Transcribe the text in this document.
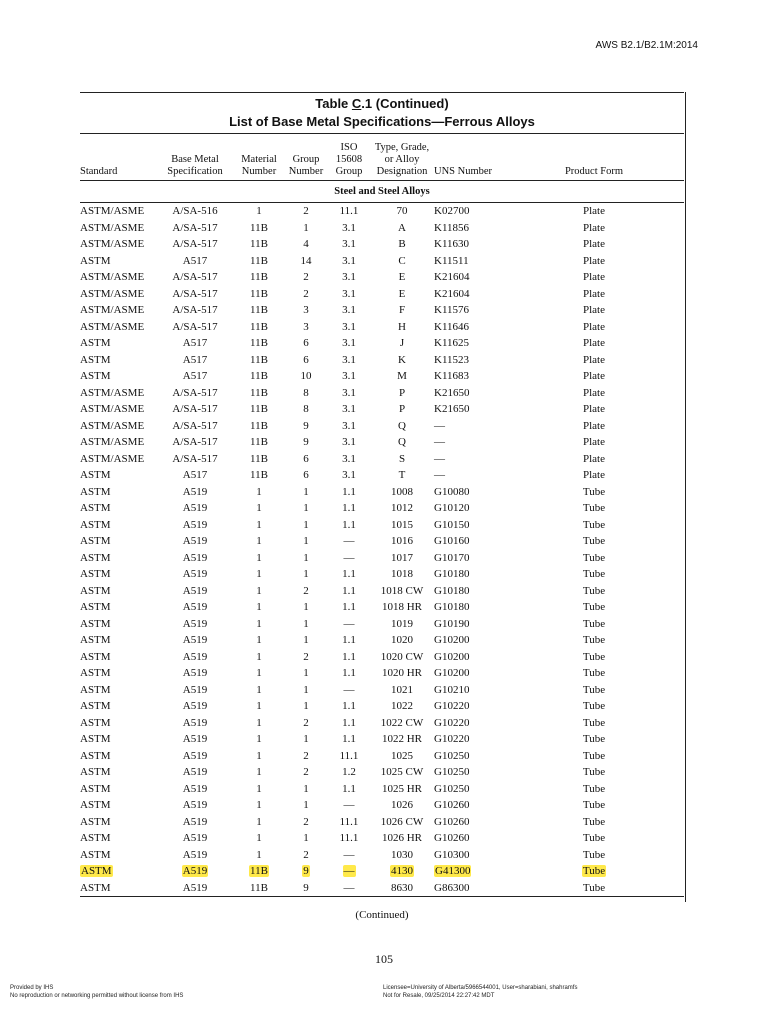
AWS B2.1/B2.1M:2014
Table C.1 (Continued)
List of Base Metal Specifications—Ferrous Alloys
Standard	Base Metal Specification	Material Number	Group Number	ISO 15608 Group	Type, Grade, or Alloy Designation	UNS Number	Product Form
Steel and Steel Alloys							
ASTM/ASME	A/SA-516	1	2	11.1	70	K02700	Plate
ASTM/ASME	A/SA-517	11B	1	3.1	A	K11856	Plate
ASTM/ASME	A/SA-517	11B	4	3.1	B	K11630	Plate
ASTM	A517	11B	14	3.1	C	K11511	Plate
ASTM/ASME	A/SA-517	11B	2	3.1	E	K21604	Plate
ASTM/ASME	A/SA-517	11B	2	3.1	E	K21604	Plate
ASTM/ASME	A/SA-517	11B	3	3.1	F	K11576	Plate
ASTM/ASME	A/SA-517	11B	3	3.1	H	K11646	Plate
ASTM	A517	11B	6	3.1	J	K11625	Plate
ASTM	A517	11B	6	3.1	K	K11523	Plate
ASTM	A517	11B	10	3.1	M	K11683	Plate
ASTM/ASME	A/SA-517	11B	8	3.1	P	K21650	Plate
ASTM/ASME	A/SA-517	11B	8	3.1	P	K21650	Plate
ASTM/ASME	A/SA-517	11B	9	3.1	Q	—	Plate
ASTM/ASME	A/SA-517	11B	9	3.1	Q	—	Plate
ASTM/ASME	A/SA-517	11B	6	3.1	S	—	Plate
ASTM	A517	11B	6	3.1	T	—	Plate
ASTM	A519	1	1	1.1	1008	G10080	Tube
ASTM	A519	1	1	1.1	1012	G10120	Tube
ASTM	A519	1	1	1.1	1015	G10150	Tube
ASTM	A519	1	1	—	1016	G10160	Tube
ASTM	A519	1	1	—	1017	G10170	Tube
ASTM	A519	1	1	1.1	1018	G10180	Tube
ASTM	A519	1	2	1.1	1018 CW	G10180	Tube
ASTM	A519	1	1	1.1	1018 HR	G10180	Tube
ASTM	A519	1	1	—	1019	G10190	Tube
ASTM	A519	1	1	1.1	1020	G10200	Tube
ASTM	A519	1	2	1.1	1020 CW	G10200	Tube
ASTM	A519	1	1	1.1	1020 HR	G10200	Tube
ASTM	A519	1	1	—	1021	G10210	Tube
ASTM	A519	1	1	1.1	1022	G10220	Tube
ASTM	A519	1	2	1.1	1022 CW	G10220	Tube
ASTM	A519	1	1	1.1	1022 HR	G10220	Tube
ASTM	A519	1	2	11.1	1025	G10250	Tube
ASTM	A519	1	2	1.2	1025 CW	G10250	Tube
ASTM	A519	1	1	1.1	1025 HR	G10250	Tube
ASTM	A519	1	1	—	1026	G10260	Tube
ASTM	A519	1	2	11.1	1026 CW	G10260	Tube
ASTM	A519	1	1	11.1	1026 HR	G10260	Tube
ASTM	A519	1	2	—	1030	G10300	Tube
ASTM	A519	11B	9	—	4130	G41300	Tube
ASTM	A519	11B	9	—	8630	G86300	Tube
(Continued)
105
Provided by IHS
No reproduction or networking permitted without license from IHS
Licensee=University of Alberta/5966544001, User=sharabiani, shahramfs
Not for Resale, 09/25/2014 22:27:42 MDT
